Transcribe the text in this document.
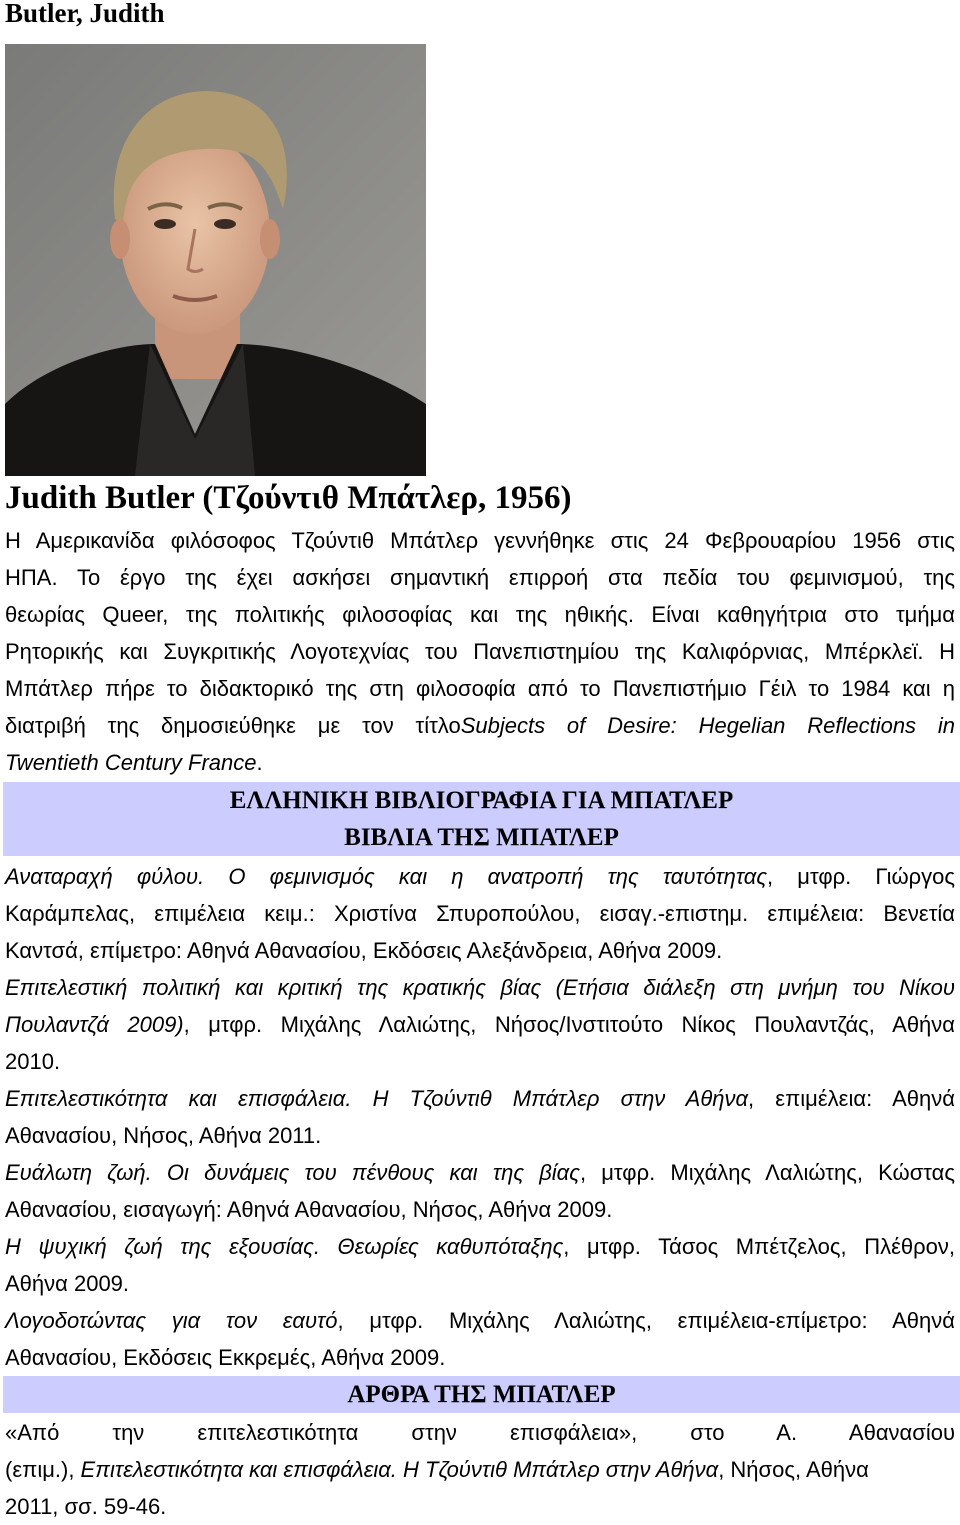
Butler, Judith
Judith Butler (Τζούντιθ Μπάτλερ, 1956)
Η Αμερικανίδα φιλόσοφος Τζούντιθ Μπάτλερ γεννήθηκε στις 24 Φεβρουαρίου 1956 στις
ΗΠΑ. Το έργο της έχει ασκήσει σημαντική επιρροή στα πεδία του φεμινισμού, της
θεωρίας Queer, της πολιτικής φιλοσοφίας και της ηθικής. Είναι καθηγήτρια στο τμήμα
Ρητορικής και Συγκριτικής Λογοτεχνίας του Πανεπιστημίου της Καλιφόρνιας, Μπέρκλεϊ. Η
Μπάτλερ πήρε το διδακτορικό της στη φιλοσοφία από το Πανεπιστήμιο Γέιλ το 1984 και η
διατριβή της δημοσιεύθηκε με τον τίτλοSubjects of Desire: Hegelian Reflections in
Twentieth Century France.
ΕΛΛΗΝΙΚΗ ΒΙΒΛΙΟΓΡΑΦΙΑ ΓΙΑ ΜΠΑΤΛΕΡ
ΒΙΒΛΙΑ ΤΗΣ ΜΠΑΤΛΕΡ
Αναταραχή φύλου. Ο φεμινισμός και η ανατροπή της ταυτότητας, μτφρ. Γιώργος
Καράμπελας, επιμέλεια κειμ.: Χριστίνα Σπυροπούλου, εισαγ.-επιστημ. επιμέλεια: Βενετία
Καντσά, επίμετρο: Αθηνά Αθανασίου, Εκδόσεις Αλεξάνδρεια, Αθήνα 2009.
Επιτελεστική πολιτική και κριτική της κρατικής βίας (Ετήσια διάλεξη στη μνήμη του Νίκου
Πουλαντζά 2009), μτφρ. Μιχάλης Λαλιώτης, Νήσος/Ινστιτούτο Νίκος Πουλαντζάς, Αθήνα
2010.
Επιτελεστικότητα και επισφάλεια. Η Τζούντιθ Μπάτλερ στην Αθήνα, επιμέλεια: Αθηνά
Αθανασίου, Νήσος, Αθήνα 2011.
Ευάλωτη ζωή. Οι δυνάμεις του πένθους και της βίας, μτφρ. Μιχάλης Λαλιώτης, Κώστας
Αθανασίου, εισαγωγή: Αθηνά Αθανασίου, Νήσος, Αθήνα 2009.
Η ψυχική ζωή της εξουσίας. Θεωρίες καθυπόταξης, μτφρ. Τάσος Μπέτζελος, Πλέθρον,
Αθήνα 2009.
Λογοδοτώντας για τον εαυτό, μτφρ. Μιχάλης Λαλιώτης, επιμέλεια-επίμετρο: Αθηνά
Αθανασίου, Εκδόσεις Εκκρεμές, Αθήνα 2009.
ΑΡΘΡΑ ΤΗΣ ΜΠΑΤΛΕΡ
«Από την επιτελεστικότητα στην επισφάλεια», στο Α. Αθανασίου
(επιμ.), Επιτελεστικότητα και επισφάλεια. Η Τζούντιθ Μπάτλερ στην Αθήνα, Νήσος, Αθήνα
2011, σσ. 59-46.
